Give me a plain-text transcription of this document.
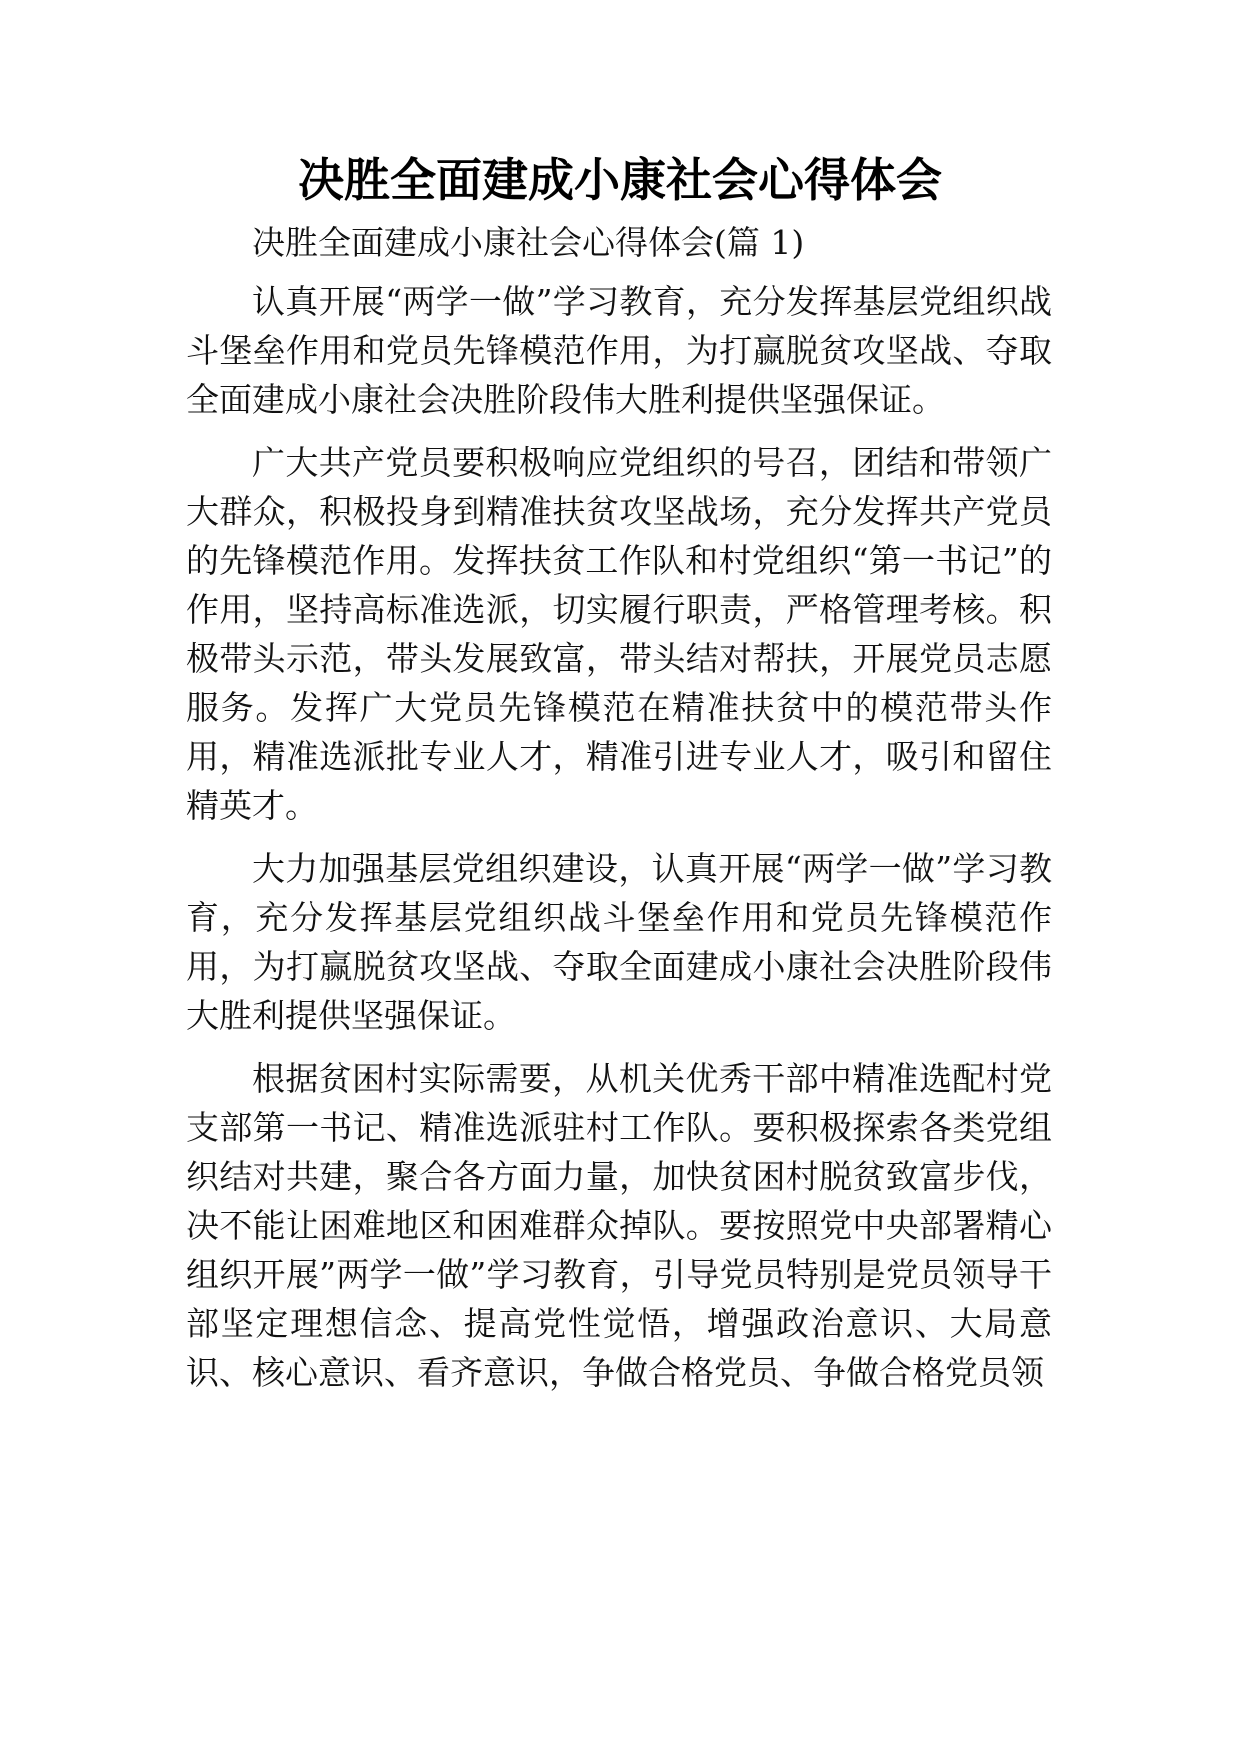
决胜全面建成小康社会心得体会

决胜全面建成小康社会心得体会(篇 1)

认真开展“两学一做”学习教育，充分发挥基层党组织战斗堡垒作用和党员先锋模范作用，为打赢脱贫攻坚战、夺取全面建成小康社会决胜阶段伟大胜利提供坚强保证。

广大共产党员要积极响应党组织的号召，团结和带领广大群众，积极投身到精准扶贫攻坚战场，充分发挥共产党员的先锋模范作用。发挥扶贫工作队和村党组织“第一书记”的作用，坚持高标准选派，切实履行职责，严格管理考核。积极带头示范，带头发展致富，带头结对帮扶，开展党员志愿服务。发挥广大党员先锋模范在精准扶贫中的模范带头作用，精准选派批专业人才，精准引进专业人才，吸引和留住精英才。

大力加强基层党组织建设，认真开展“两学一做”学习教育，充分发挥基层党组织战斗堡垒作用和党员先锋模范作用，为打赢脱贫攻坚战、夺取全面建成小康社会决胜阶段伟大胜利提供坚强保证。

根据贫困村实际需要，从机关优秀干部中精准选配村党支部第一书记、精准选派驻村工作队。要积极探索各类党组织结对共建，聚合各方面力量，加快贫困村脱贫致富步伐，决不能让困难地区和困难群众掉队。要按照党中央部署精心组织开展”两学一做”学习教育，引导党员特别是党员领导干部坚定理想信念、提高党性觉悟，增强政治意识、大局意识、核心意识、看齐意识，争做合格党员、争做合格党员领
